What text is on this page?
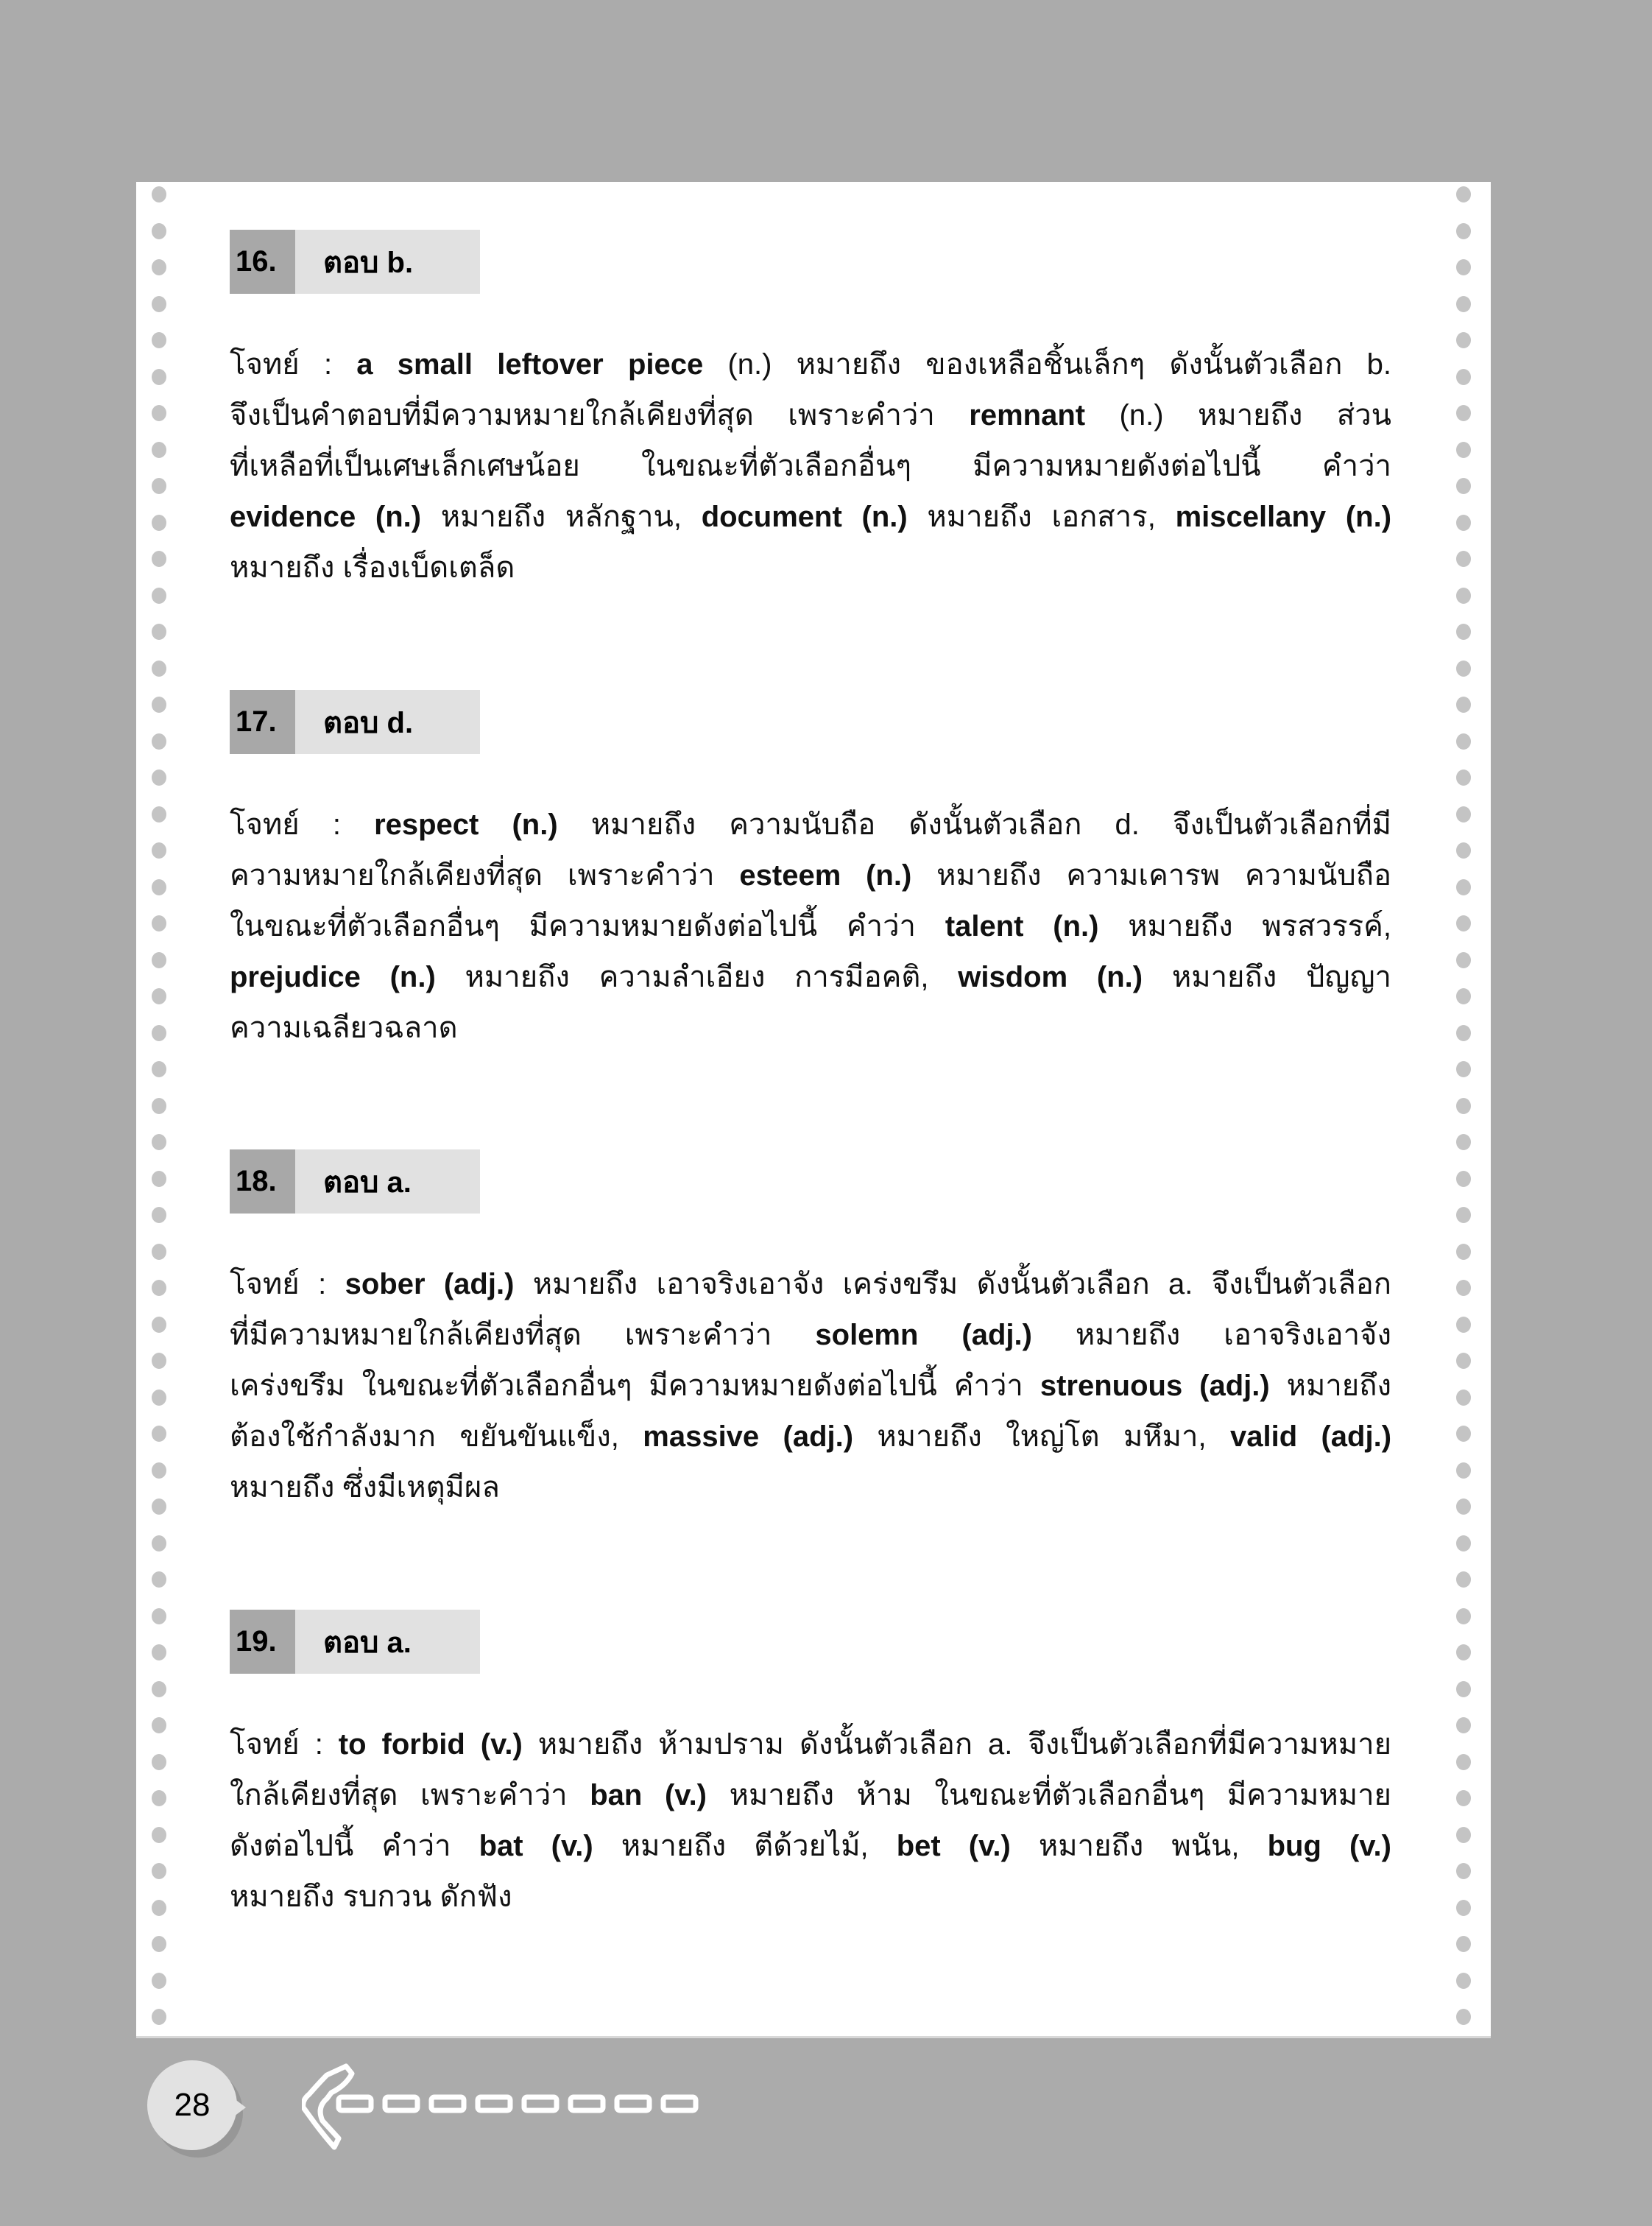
16.	ตอบ b.
โจทย์ : a small leftover piece (n.) หมายถึง ของเหลือชิ้นเล็กๆ ดังนั้นตัวเลือก b.
จึงเป็นคำตอบที่มีความหมายใกล้เคียงที่สุด เพราะคำว่า remnant (n.) หมายถึง ส่วน
ที่เหลือที่เป็นเศษเล็กเศษน้อย ในขณะที่ตัวเลือกอื่นๆ มีความหมายดังต่อไปนี้ คำว่า
evidence (n.) หมายถึง หลักฐาน, document (n.) หมายถึง เอกสาร, miscellany (n.)
หมายถึง เรื่องเบ็ดเตล็ด
17.	ตอบ d.
โจทย์ : respect (n.) หมายถึง ความนับถือ ดังนั้นตัวเลือก d. จึงเป็นตัวเลือกที่มี
ความหมายใกล้เคียงที่สุด เพราะคำว่า esteem (n.) หมายถึง ความเคารพ ความนับถือ
ในขณะที่ตัวเลือกอื่นๆ มีความหมายดังต่อไปนี้ คำว่า talent (n.) หมายถึง พรสวรรค์,
prejudice (n.) หมายถึง ความลำเอียง การมีอคติ, wisdom (n.) หมายถึง ปัญญา
ความเฉลียวฉลาด
18.	ตอบ a.
โจทย์ : sober (adj.) หมายถึง เอาจริงเอาจัง เคร่งขรึม ดังนั้นตัวเลือก a. จึงเป็นตัวเลือก
ที่มีความหมายใกล้เคียงที่สุด เพราะคำว่า solemn (adj.) หมายถึง เอาจริงเอาจัง
เคร่งขรึม ในขณะที่ตัวเลือกอื่นๆ มีความหมายดังต่อไปนี้ คำว่า strenuous (adj.) หมายถึง
ต้องใช้กำลังมาก ขยันขันแข็ง, massive (adj.) หมายถึง ใหญ่โต มหึมา, valid (adj.)
หมายถึง ซึ่งมีเหตุมีผล
19.	ตอบ a.
โจทย์ : to forbid (v.) หมายถึง ห้ามปราม ดังนั้นตัวเลือก a. จึงเป็นตัวเลือกที่มีความหมาย
ใกล้เคียงที่สุด เพราะคำว่า ban (v.) หมายถึง ห้าม ในขณะที่ตัวเลือกอื่นๆ มีความหมาย
ดังต่อไปนี้ คำว่า bat (v.) หมายถึง ตีด้วยไม้, bet (v.) หมายถึง พนัน, bug (v.)
หมายถึง รบกวน ดักฟัง
28
